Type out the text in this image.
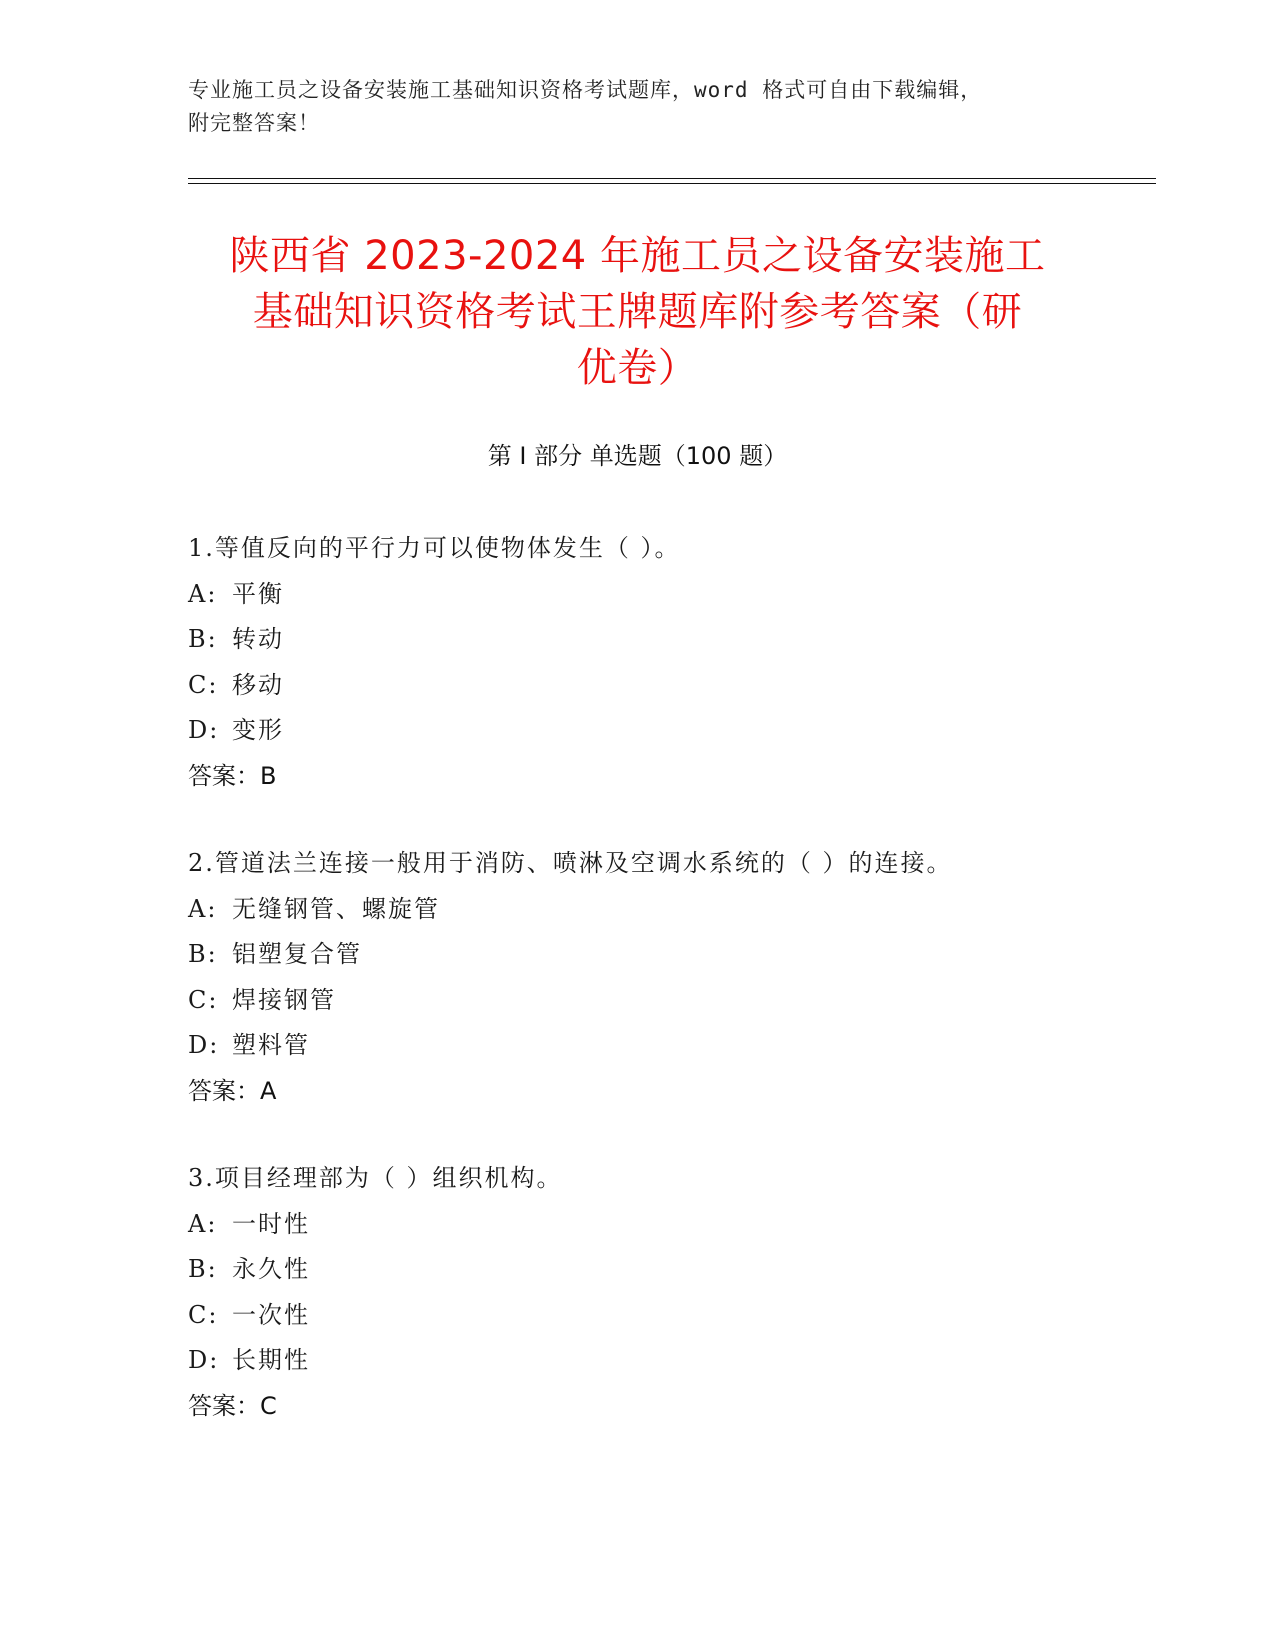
专业施工员之设备安装施工基础知识资格考试题库，word 格式可自由下载编辑，
附完整答案！
陕西省 2023-2024 年施工员之设备安装施工
基础知识资格考试王牌题库附参考答案（研
优卷）
第 I 部分 单选题（100 题）
1.等值反向的平行力可以使物体发生（ ）。
A: 平衡
B: 转动
C: 移动
D: 变形
答案：B
2.管道法兰连接一般用于消防、喷淋及空调水系统的（ ）的连接。
A: 无缝钢管、螺旋管
B: 铝塑复合管
C: 焊接钢管
D: 塑料管
答案：A
3.项目经理部为（ ）组织机构。
A: 一时性
B: 永久性
C: 一次性
D: 长期性
答案：C
